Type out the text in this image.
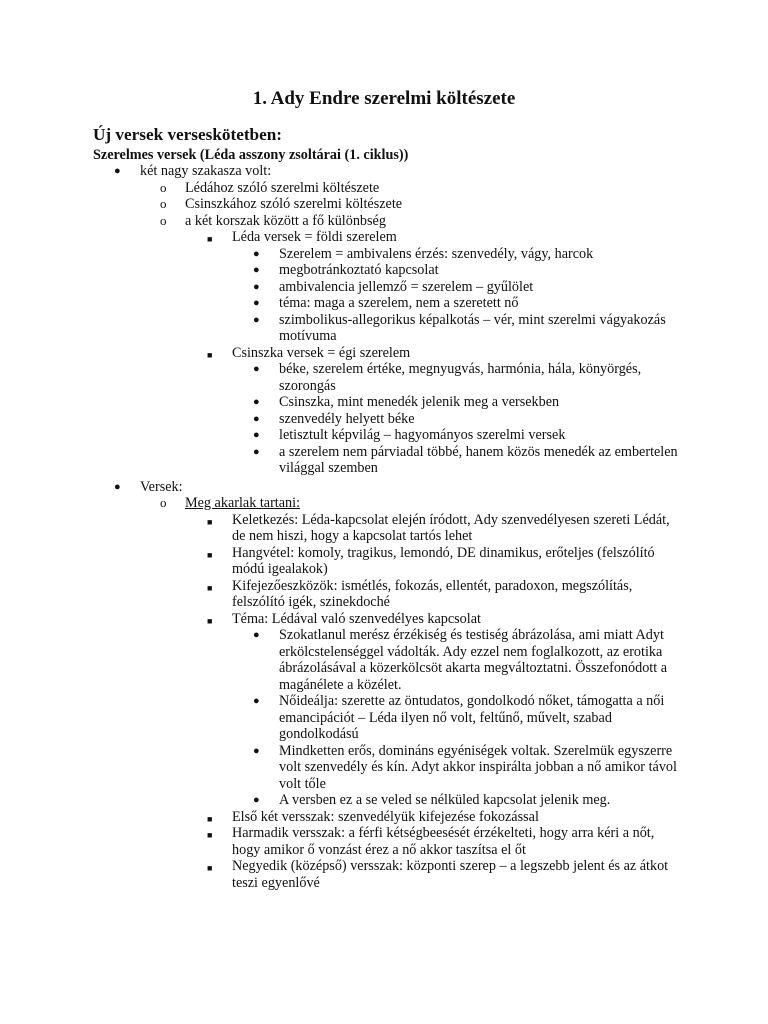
1. Ady Endre szerelmi költészete
Új versek verseskötetben:
Szerelmes versek (Léda asszony zsoltárai (1. ciklus))
● két nagy szakasza volt:
o Lédához szóló szerelmi költészete
o Csinszkához szóló szerelmi költészete
o a két korszak között a fő különbség
■ Léda versek = földi szerelem
● Szerelem = ambivalens érzés: szenvedély, vágy, harcok
● megbotránkoztató kapcsolat
● ambivalencia jellemző = szerelem – gyűlölet
● téma: maga a szerelem, nem a szeretett nő
● szimbolikus-allegorikus képalkotás – vér, mint szerelmi vágyakozás motívuma
■ Csinszka versek = égi szerelem
● béke, szerelem értéke, megnyugvás, harmónia, hála, könyörgés, szorongás
● Csinszka, mint menedék jelenik meg a versekben
● szenvedély helyett béke
● letisztult képvilág – hagyományos szerelmi versek
● a szerelem nem párviadal többé, hanem közös menedék az embertelen világgal szemben
● Versek:
o Meg akarlak tartani:
■ Keletkezés: Léda-kapcsolat elején íródott, Ady szenvedélyesen szereti Lédát, de nem hiszi, hogy a kapcsolat tartós lehet
■ Hangvétel: komoly, tragikus, lemondó, DE dinamikus, erőteljes (felszólító módú igealakok)
■ Kifejezőeszközök: ismétlés, fokozás, ellentét, paradoxon, megszólítás, felszólító igék, szinekdoché
■ Téma: Lédával való szenvedélyes kapcsolat
● Szokatlanul merész érzékiség és testiség ábrázolása, ami miatt Adyt erkölcstelenséggel vádolták. Ady ezzel nem foglalkozott, az erotika ábrázolásával a közerkölcsöt akarta megváltoztatni. Összefonódott a magánélete a közélet.
● Nőideálja: szerette az öntudatos, gondolkodó nőket, támogatta a női emancipációt – Léda ilyen nő volt, feltűnő, művelt, szabad gondolkodású
● Mindketten erős, domináns egyéniségek voltak. Szerelmük egyszerre volt szenvedély és kín. Adyt akkor inspirálta jobban a nő amikor távol volt tőle
● A versben ez a se veled se nélküled kapcsolat jelenik meg.
■ Első két versszak: szenvedélyük kifejezése fokozással
■ Harmadik versszak: a férfi kétségbeesését érzékelteti, hogy arra kéri a nőt, hogy amikor ő vonzást érez a nő akkor taszítsa el őt
■ Negyedik (középső) versszak: központi szerep – a legszebb jelent és az átkot teszi egyenlővé
